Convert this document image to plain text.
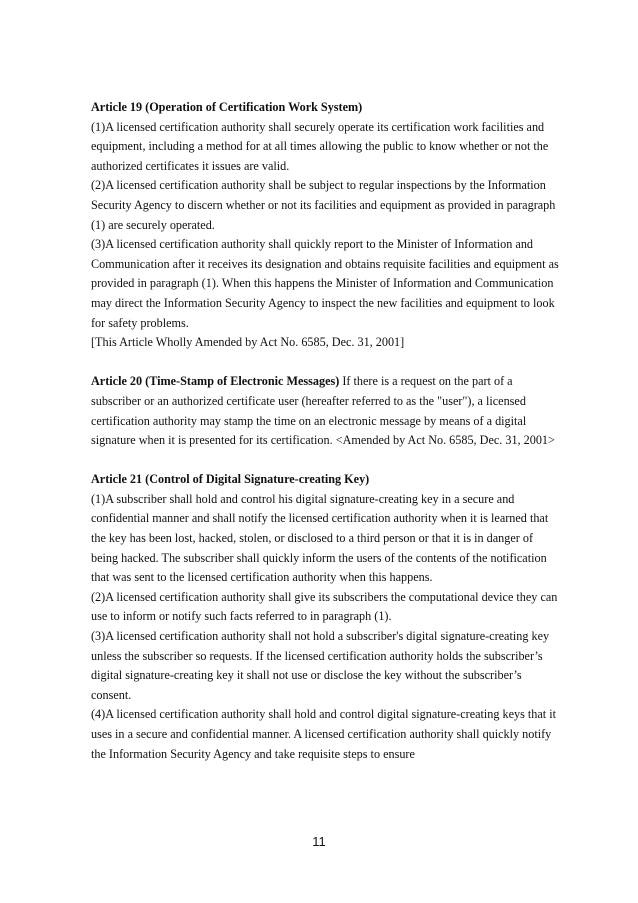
Article 19 (Operation of Certification Work System)

(1)A licensed certification authority shall securely operate its certification work facilities and equipment, including a method for at all times allowing the public to know whether or not the authorized certificates it issues are valid.

(2)A licensed certification authority shall be subject to regular inspections by the Information Security Agency to discern whether or not its facilities and equipment as provided in paragraph (1) are securely operated.

(3)A licensed certification authority shall quickly report to the Minister of Information and Communication after it receives its designation and obtains requisite facilities and equipment as provided in paragraph (1). When this happens the Minister of Information and Communication may direct the Information Security Agency to inspect the new facilities and equipment to look for safety problems.

[This Article Wholly Amended by Act No. 6585, Dec. 31, 2001]

Article 20 (Time-Stamp of Electronic Messages) If there is a request on the part of a subscriber or an authorized certificate user (hereafter referred to as the "user"), a licensed certification authority may stamp the time on an electronic message by means of a digital signature when it is presented for its certification. <Amended by Act No. 6585, Dec. 31, 2001>

Article 21 (Control of Digital Signature-creating Key)

(1)A subscriber shall hold and control his digital signature-creating key in a secure and confidential manner and shall notify the licensed certification authority when it is learned that the key has been lost, hacked, stolen, or disclosed to a third person or that it is in danger of being hacked. The subscriber shall quickly inform the users of the contents of the notification that was sent to the licensed certification authority when this happens.

(2)A licensed certification authority shall give its subscribers the computational device they can use to inform or notify such facts referred to in paragraph (1).

(3)A licensed certification authority shall not hold a subscriber's digital signature-creating key unless the subscriber so requests. If the licensed certification authority holds the subscriber’s digital signature-creating key it shall not use or disclose the key without the subscriber’s consent.

(4)A licensed certification authority shall hold and control digital signature-creating keys that it uses in a secure and confidential manner. A licensed certification authority shall quickly notify the Information Security Agency and take requisite steps to ensure

11
